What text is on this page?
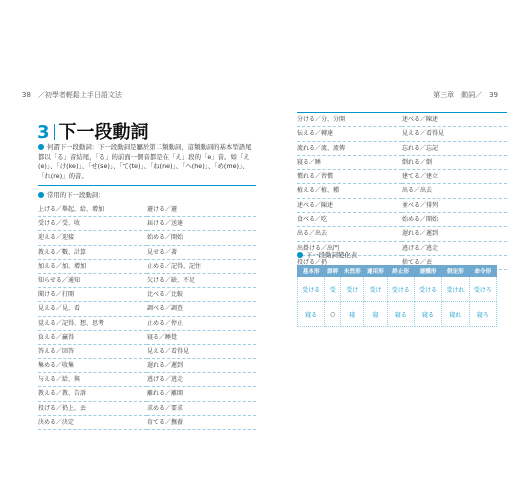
38　／初學者輕鬆上手日語文法	第三章　動詞／　39
3 下一段動詞
何謂下一段動詞：下一段動詞是屬於第二類動詞，這類動詞的基本型語尾都以「る」音結尾，「る」的前面一個音都是在「え」段的「e」音。如「え(e)」、「け(ke)」、「せ(se)」、「て(te)」、「ね(ne)」、「へ(he)」、「め(me)」、「れ(re)」的音。
常用的下一段動詞：
上げる／舉起、給、增加
受ける／受、收
迎える／迎接
教える／數、計算
加える／加、增加
知らせる／通知
聞ける／打開
見える／見、看
覚える／記得、想、思考
負える／贏得
答える／回答
集める／收集
与える／給、與
教える／教、告訴
投げる／扔上、丟
決める／決定
避ける／避
届ける／送達
始める／開始
見せる／著
止める／記得、記住
欠ける／缺、不足
比べる／比較
調べる／調查
止める／停止
寝る／睡覺
見える／看得見
遅れる／遲到
逃げる／逃走
離れる／離開
求める／要求
育てる／撫養
分ける／分、分開
伝える／轉達
流れる／流、流傳
寝る／睡
慣れる／習慣
植える／植、種
述べる／陳述
食べる／吃
出る／出去
出掛ける／出門
投げる／扔
述べる／陳述
見える／看得見
忘れる／忘記
倒れる／倒
建てる／建立
出る／出去
並べる／排列
始める／開始
遅れる／遲到
逃げる／逃走
捨てる／丟
下一段動詞變化表
基本形	語幹	未然形	連用形	終止形	連體形	假定形	命令形
受ける	受	受け	受け	受ける	受ける	受けれ	受けろ
寝る	○	寝	寝	寝る	寝る	寝れ	寝ろ
